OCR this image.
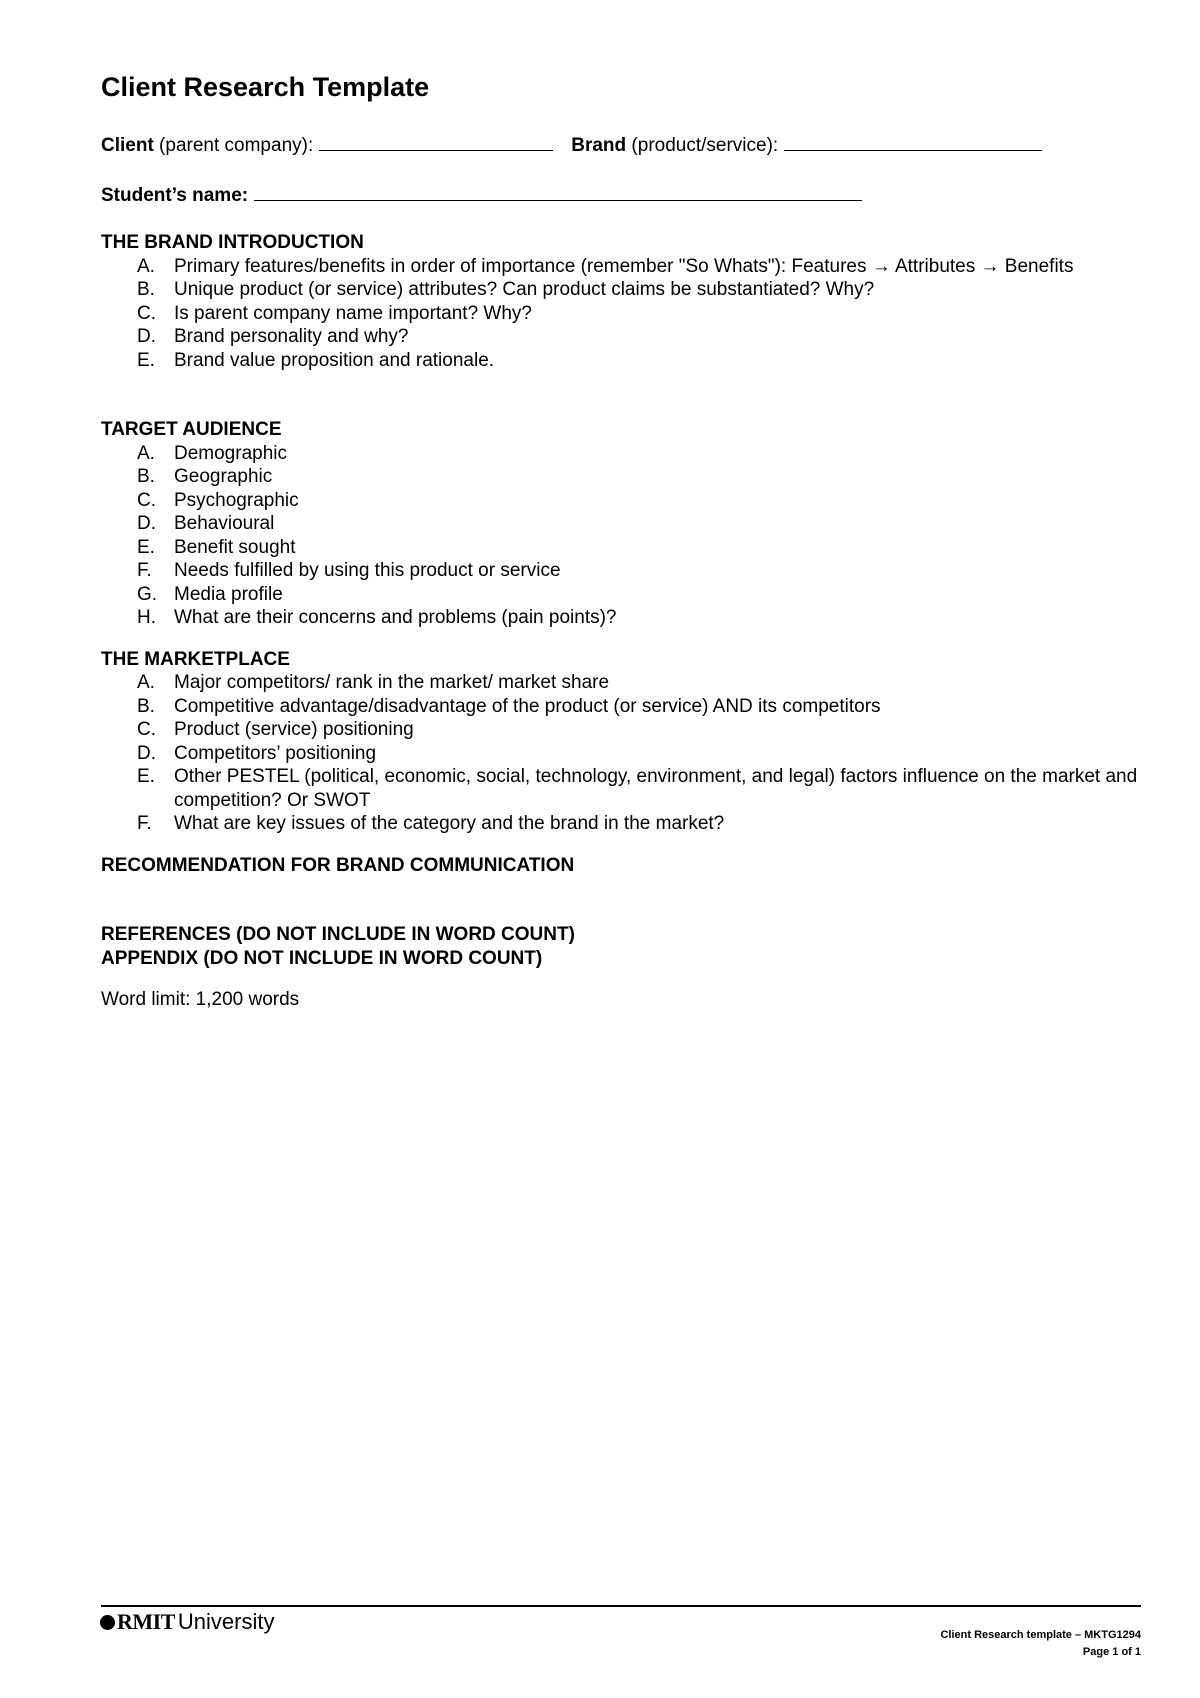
Client Research Template
Client (parent company):	Brand (product/service):
Student’s name:
THE BRAND INTRODUCTION
A.	Primary features/benefits in order of importance (remember "So Whats"): Features → Attributes → Benefits
B.	Unique product (or service) attributes? Can product claims be substantiated? Why?
C. Is parent company name important? Why?
D. Brand personality and why?
E.	Brand value proposition and rationale.
TARGET AUDIENCE
A.	Demographic
B.	Geographic
C. Psychographic
D. Behavioural
E.	Benefit sought
F.	Needs fulfilled by using this product or service
G. Media profile
H. What are their concerns and problems (pain points)?
THE MARKETPLACE
A.	Major competitors/ rank in the market/ market share
B.	Competitive advantage/disadvantage of the product (or service) AND its competitors
C. Product (service) positioning
D. Competitors’ positioning
E.	Other PESTEL (political, economic, social, technology, environment, and legal) factors influence on the market and competition? Or SWOT
F.	What are key issues of the category and the brand in the market?
RECOMMENDATION FOR BRAND COMMUNICATION
REFERENCES (DO NOT INCLUDE IN WORD COUNT)
APPENDIX (DO NOT INCLUDE IN WORD COUNT)
Word limit: 1,200 words
RMIT University
Client Research template – MKTG1294
Page 1 of 1
